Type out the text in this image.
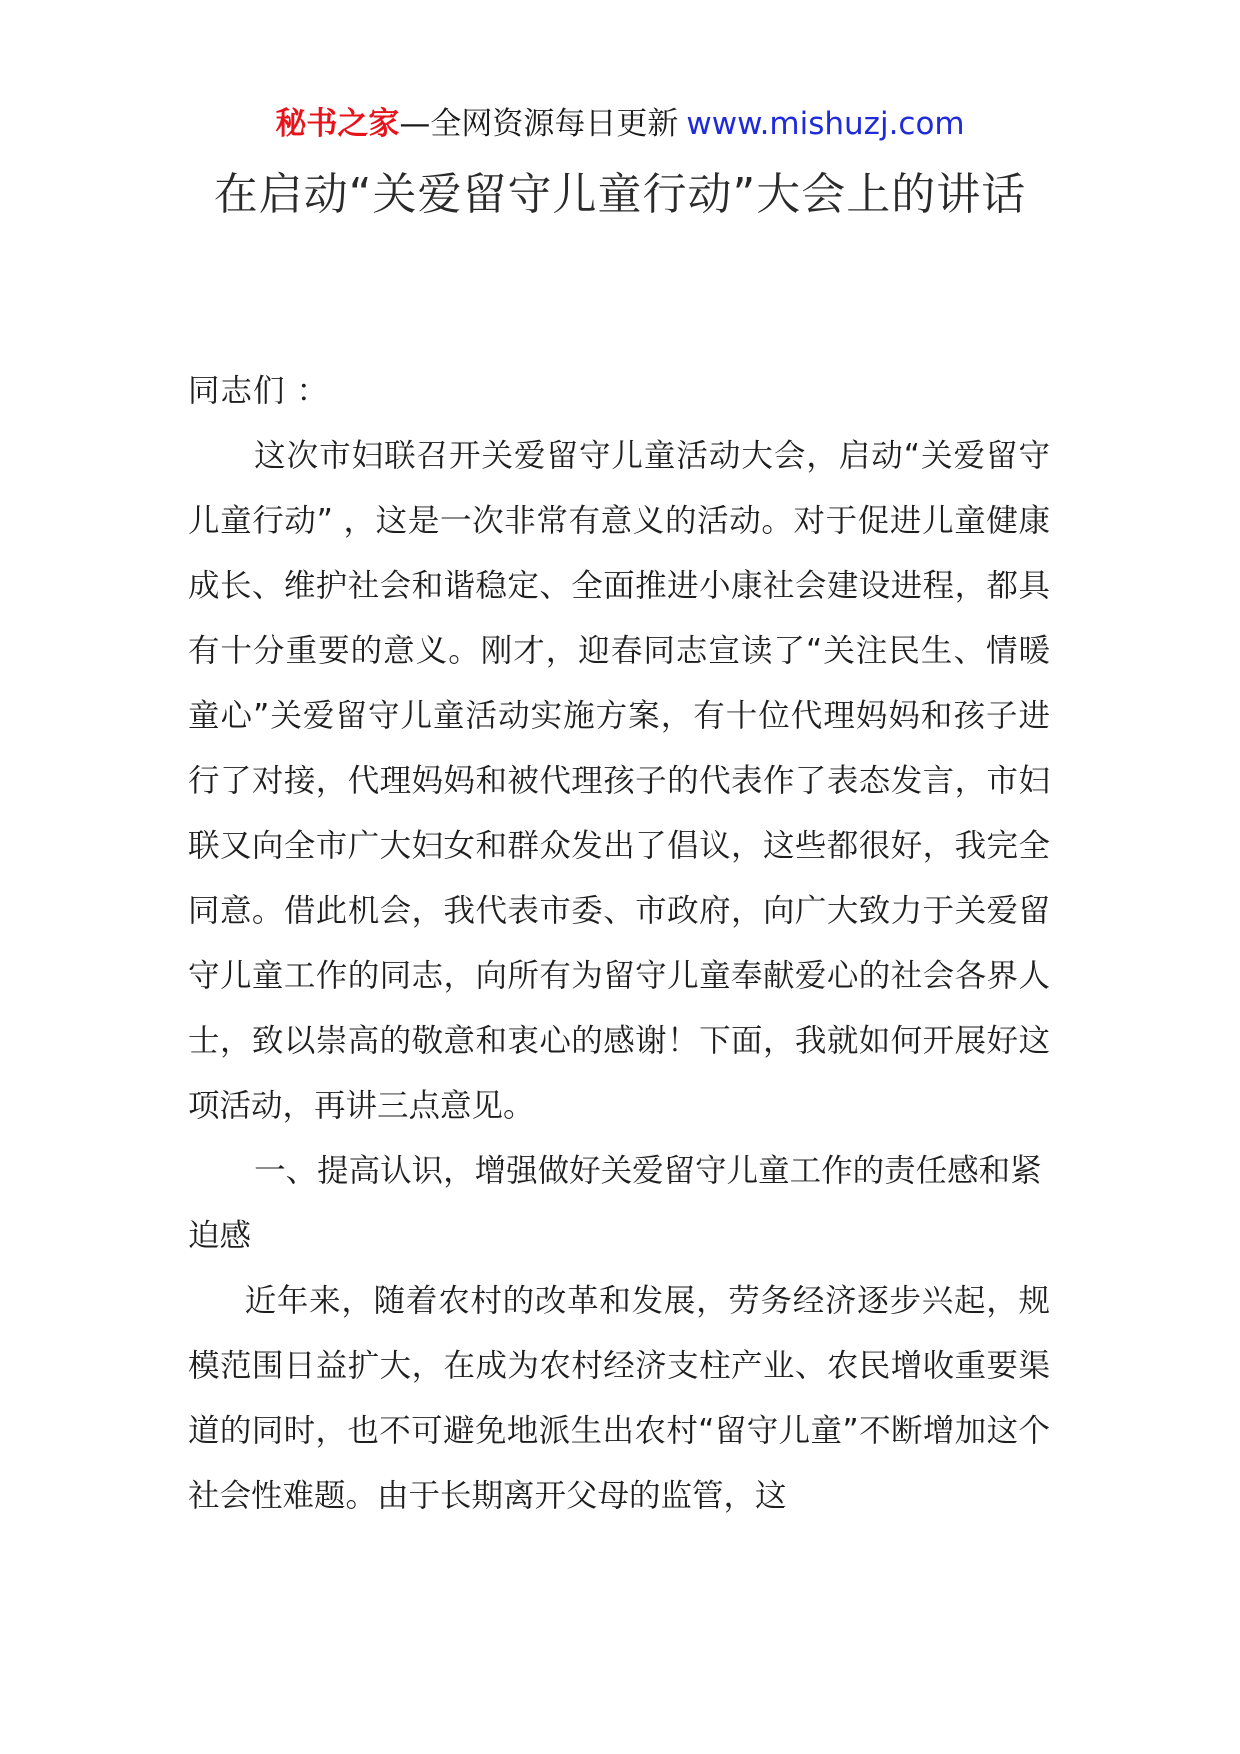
秘书之家—全网资源每日更新 www.mishuzj.com
在启动“关爱留守儿童行动”大会上的讲话

同志们 ：

这次市妇联召开关爱留守儿童活动大会，启动“关爱留守儿童行动” ，这是一次非常有意义的活动。对于促进儿童健康成长、维护社会和谐稳定、全面推进小康社会建设进程，都具有十分重要的意义。刚才，迎春同志宣读了“关注民生、情暖童心”关爱留守儿童活动实施方案，有十位代理妈妈和孩子进行了对接，代理妈妈和被代理孩子的代表作了表态发言，市妇联又向全市广大妇女和群众发出了倡议，这些都很好，我完全同意。借此机会，我代表市委、市政府，向广大致力于关爱留守儿童工作的同志，向所有为留守儿童奉献爱心的社会各界人士，致以崇高的敬意和衷心的感谢！下面，我就如何开展好这项活动，再讲三点意见。

一、提高认识，增强做好关爱留守儿童工作的责任感和紧迫感

近年来，随着农村的改革和发展，劳务经济逐步兴起，规模范围日益扩大，在成为农村经济支柱产业、农民增收重要渠道的同时，也不可避免地派生出农村“留守儿童”不断增加这个社会性难题。由于长期离开父母的监管，这
